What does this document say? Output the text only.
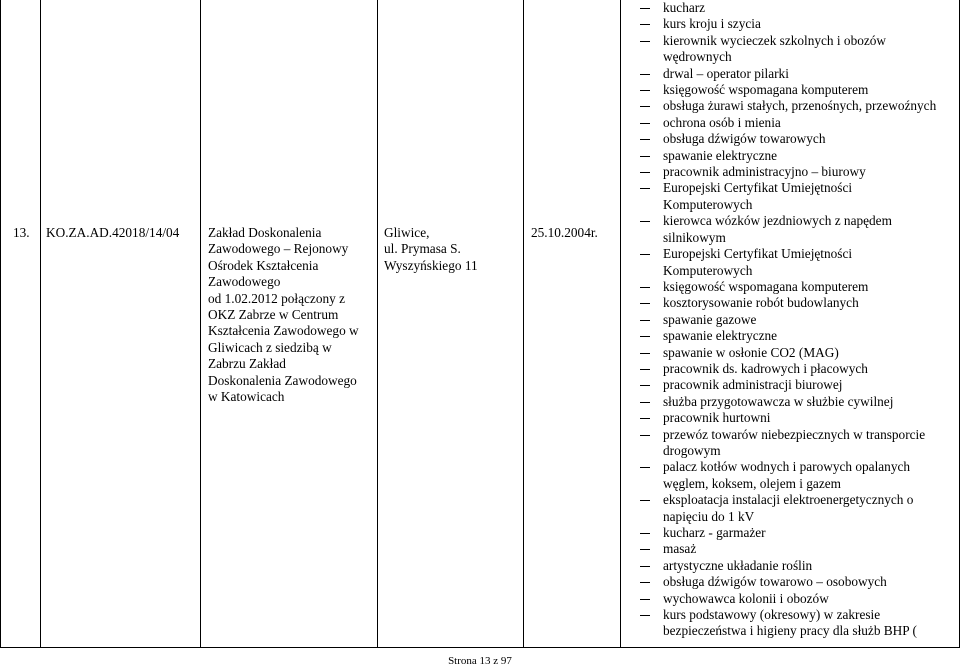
13. KO.ZA.AD.42018/14/04 Zakład Doskonalenia
Zawodowego – Rejonowy
Ośrodek Kształcenia
Zawodowego
od 1.02.2012 połączony z
OKZ Zabrze w Centrum
Kształcenia Zawodowego w
Gliwicach z siedzibą w
Zabrzu Zakład
Doskonalenia Zawodowego
w Katowicach
Gliwice,
ul. Prymasa S.
Wyszyńskiego 11
25.10.2004r.
kucharz
kurs kroju i szycia
kierownik wycieczek szkolnych i obozów
wędrownych
drwal – operator pilarki
księgowość wspomagana komputerem
obsługa żurawi stałych, przenośnych, przewoźnych
ochrona osób i mienia
obsługa dźwigów towarowych
spawanie elektryczne
pracownik administracyjno – biurowy
Europejski Certyfikat Umiejętności
Komputerowych
kierowca wózków jezdniowych z napędem
silnikowym
Europejski Certyfikat Umiejętności
Komputerowych
księgowość wspomagana komputerem
kosztorysowanie robót budowlanych
spawanie gazowe
spawanie elektryczne
spawanie w osłonie CO2 (MAG)
pracownik ds. kadrowych i płacowych
pracownik administracji biurowej
służba przygotowawcza w służbie cywilnej
pracownik hurtowni
przewóz towarów niebezpiecznych w transporcie
drogowym
palacz kotłów wodnych i parowych opalanych
węglem, koksem, olejem i gazem
eksploatacja instalacji elektroenergetycznych o
napięciu do 1 kV
kucharz - garmażer
masaż
artystyczne układanie roślin
obsługa dźwigów towarowo – osobowych
wychowawca kolonii i obozów
kurs podstawowy (okresowy) w zakresie
bezpieczeństwa i higieny pracy dla służb BHP (
Strona 13 z 97
